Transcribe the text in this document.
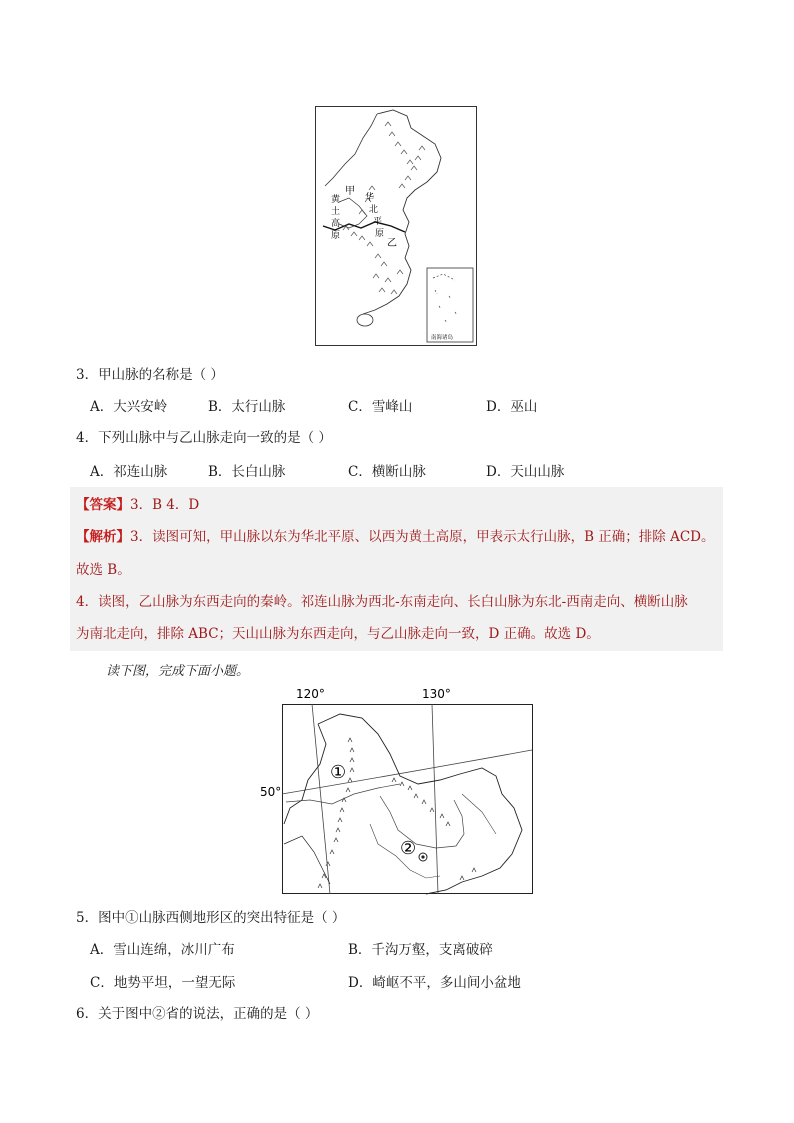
甲
乙
黄
土
高
原
华
北
平
原
南海诸岛
3．甲山脉的名称是（ ）
A．大兴安岭	B．太行山脉	C．雪峰山	D．巫山
4．下列山脉中与乙山脉走向一致的是（ ）
A．祁连山脉	B．长白山脉	C．横断山脉	D．天山山脉
【答案】3．B 4．D
【解析】3．读图可知，甲山脉以东为华北平原、以西为黄土高原，甲表示太行山脉，B 正确；排除 ACD。
故选 B。
4．读图，乙山脉为东西走向的秦岭。祁连山脉为西北-东南走向、长白山脉为东北-西南走向、横断山脉
为南北走向，排除 ABC；天山山脉为东西走向，与乙山脉走向一致，D 正确。故选 D。
读下图，完成下面小题。
120°	130°
50°
①
②
5．图中①山脉西侧地形区的突出特征是（ ）
A．雪山连绵，冰川广布	B．千沟万壑，支离破碎
C．地势平坦，一望无际	D．崎岖不平，多山间小盆地
6．关于图中②省的说法，正确的是（ ）
